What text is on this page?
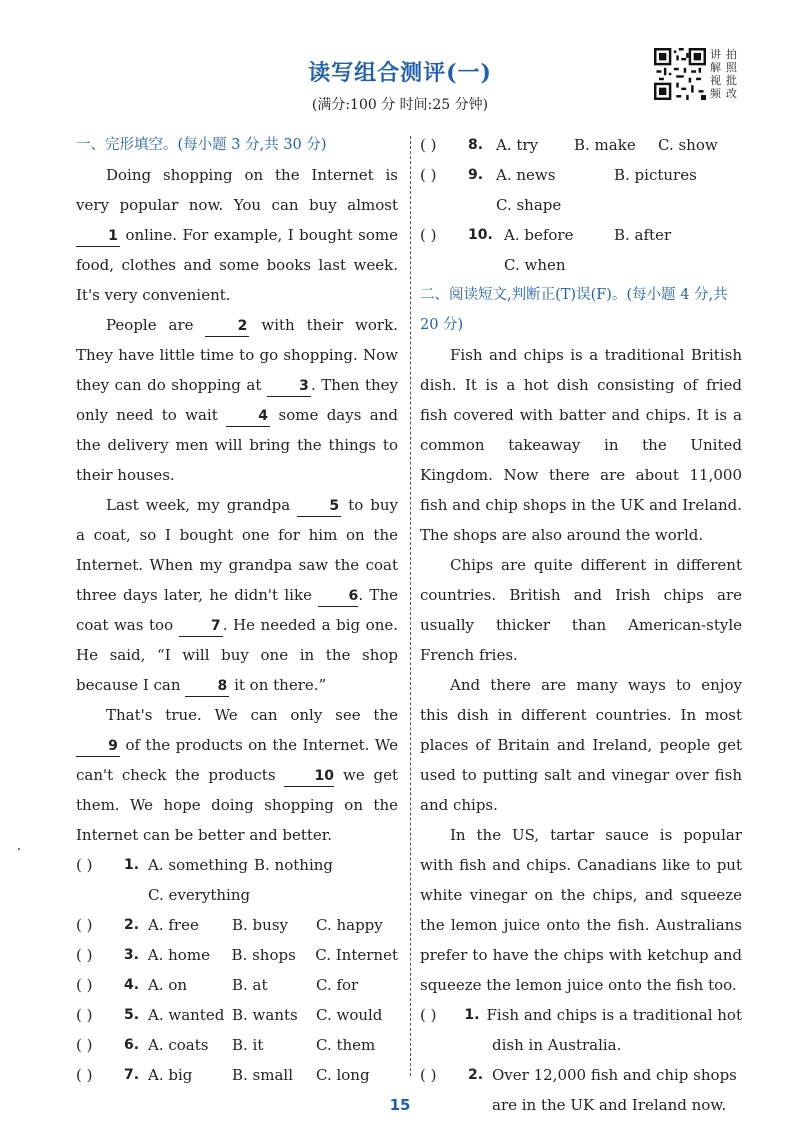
读写组合测评(一)
(满分:100 分 时间:25 分钟)
讲 拍
解 照
视 批
频 改
一、完形填空。(每小题 3 分,共 30 分)

Doing shopping on the Internet is very popular now. You can buy almost 1 online. For example, I bought some food, clothes and some books last week. It's very convenient.

People are	2 with their work. They have little time to go shopping. Now they can do shopping at	3 . Then they only need to wait	4 some days and the delivery men will bring the things to their houses.

Last week, my grandpa	5 to buy a coat, so I bought one for him on the Internet. When my grandpa saw the coat three days later, he didn't like	6. The coat was too	7 . He needed a big one. He said, “I will buy one in the shop because I can	8 it on there.”

That's true. We can only see the 9 of the products on the Internet. We can't check the products	10 we get them. We hope doing shopping on the Internet can be better and better.

( )	1. A. something B. nothing
C. everything
( )	2. A. free	B. busy	C. happy
( )	3. A. home	B. shops	C. Internet
( )	4. A. on	B. at	C. for
( )	5. A. wanted B. wants	C. would
( )	6. A. coats	B. it	C. them
( )	7. A. big	B. small	C. long
( )	8. A. try	B. make	C. show
( )	9. A. news	B. pictures
C. shape
( )	10. A. before	B. after
C. when
二、阅读短文,判断正(T)误(F)。(每小题 4 分,共 20 分)

Fish and chips is a traditional British dish. It is a hot dish consisting of fried fish covered with batter and chips. It is a common takeaway in the United Kingdom. Now there are about 11,000 fish and chip shops in the UK and Ireland. The shops are also around the world.

Chips are quite different in different countries. British and Irish chips are usually thicker than American-style French fries.

And there are many ways to enjoy this dish in different countries. In most places of Britain and Ireland, people get used to putting salt and vinegar over fish and chips.

In the US, tartar sauce is popular with fish and chips. Canadians like to put white vinegar on the chips, and squeeze the lemon juice onto the fish. Australians prefer to have the chips with ketchup and squeeze the lemon juice onto the fish too.

( )	1. Fish and chips is a traditional hot
dish in Australia.
( )	2. Over 12,000 fish and chip shops
are in the UK and Ireland now.
15
